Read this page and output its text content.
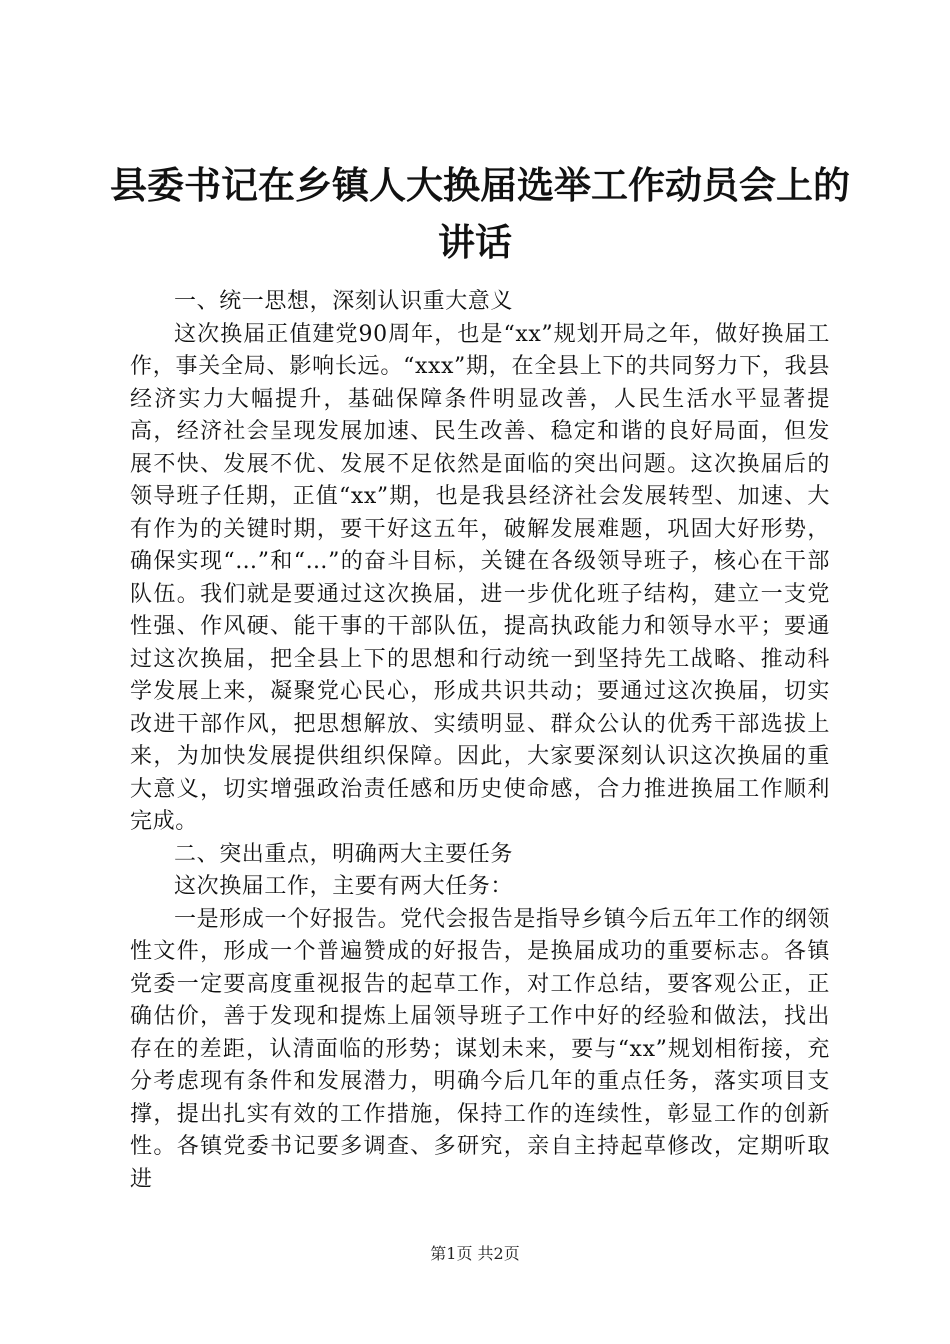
县委书记在乡镇人大换届选举工作动员会上的
讲话

一、统一思想，深刻认识重大意义

这次换届正值建党90周年，也是“xx”规划开局之年，做好换届工作，事关全局、影响长远。“xxx”期，在全县上下的共同努力下，我县经济实力大幅提升，基础保障条件明显改善，人民生活水平显著提高，经济社会呈现发展加速、民生改善、稳定和谐的良好局面，但发展不快、发展不优、发展不足依然是面临的突出问题。这次换届后的领导班子任期，正值“xx”期，也是我县经济社会发展转型、加速、大有作为的关键时期，要干好这五年，破解发展难题，巩固大好形势，确保实现“…”和“…”的奋斗目标，关键在各级领导班子，核心在干部队伍。我们就是要通过这次换届，进一步优化班子结构，建立一支党性强、作风硬、能干事的干部队伍，提高执政能力和领导水平；要通过这次换届，把全县上下的思想和行动统一到坚持先工战略、推动科学发展上来，凝聚党心民心，形成共识共动；要通过这次换届，切实改进干部作风，把思想解放、实绩明显、群众公认的优秀干部选拔上来，为加快发展提供组织保障。因此，大家要深刻认识这次换届的重大意义，切实增强政治责任感和历史使命感，合力推进换届工作顺利完成。

二、突出重点，明确两大主要任务

这次换届工作，主要有两大任务：

一是形成一个好报告。党代会报告是指导乡镇今后五年工作的纲领性文件，形成一个普遍赞成的好报告，是换届成功的重要标志。各镇党委一定要高度重视报告的起草工作，对工作总结，要客观公正，正确估价，善于发现和提炼上届领导班子工作中好的经验和做法，找出存在的差距，认清面临的形势；谋划未来，要与“xx”规划相衔接，充分考虑现有条件和发展潜力，明确今后几年的重点任务，落实项目支撑，提出扎实有效的工作措施，保持工作的连续性，彰显工作的创新性。各镇党委书记要多调查、多研究，亲自主持起草修改，定期听取进

第1页 共2页
